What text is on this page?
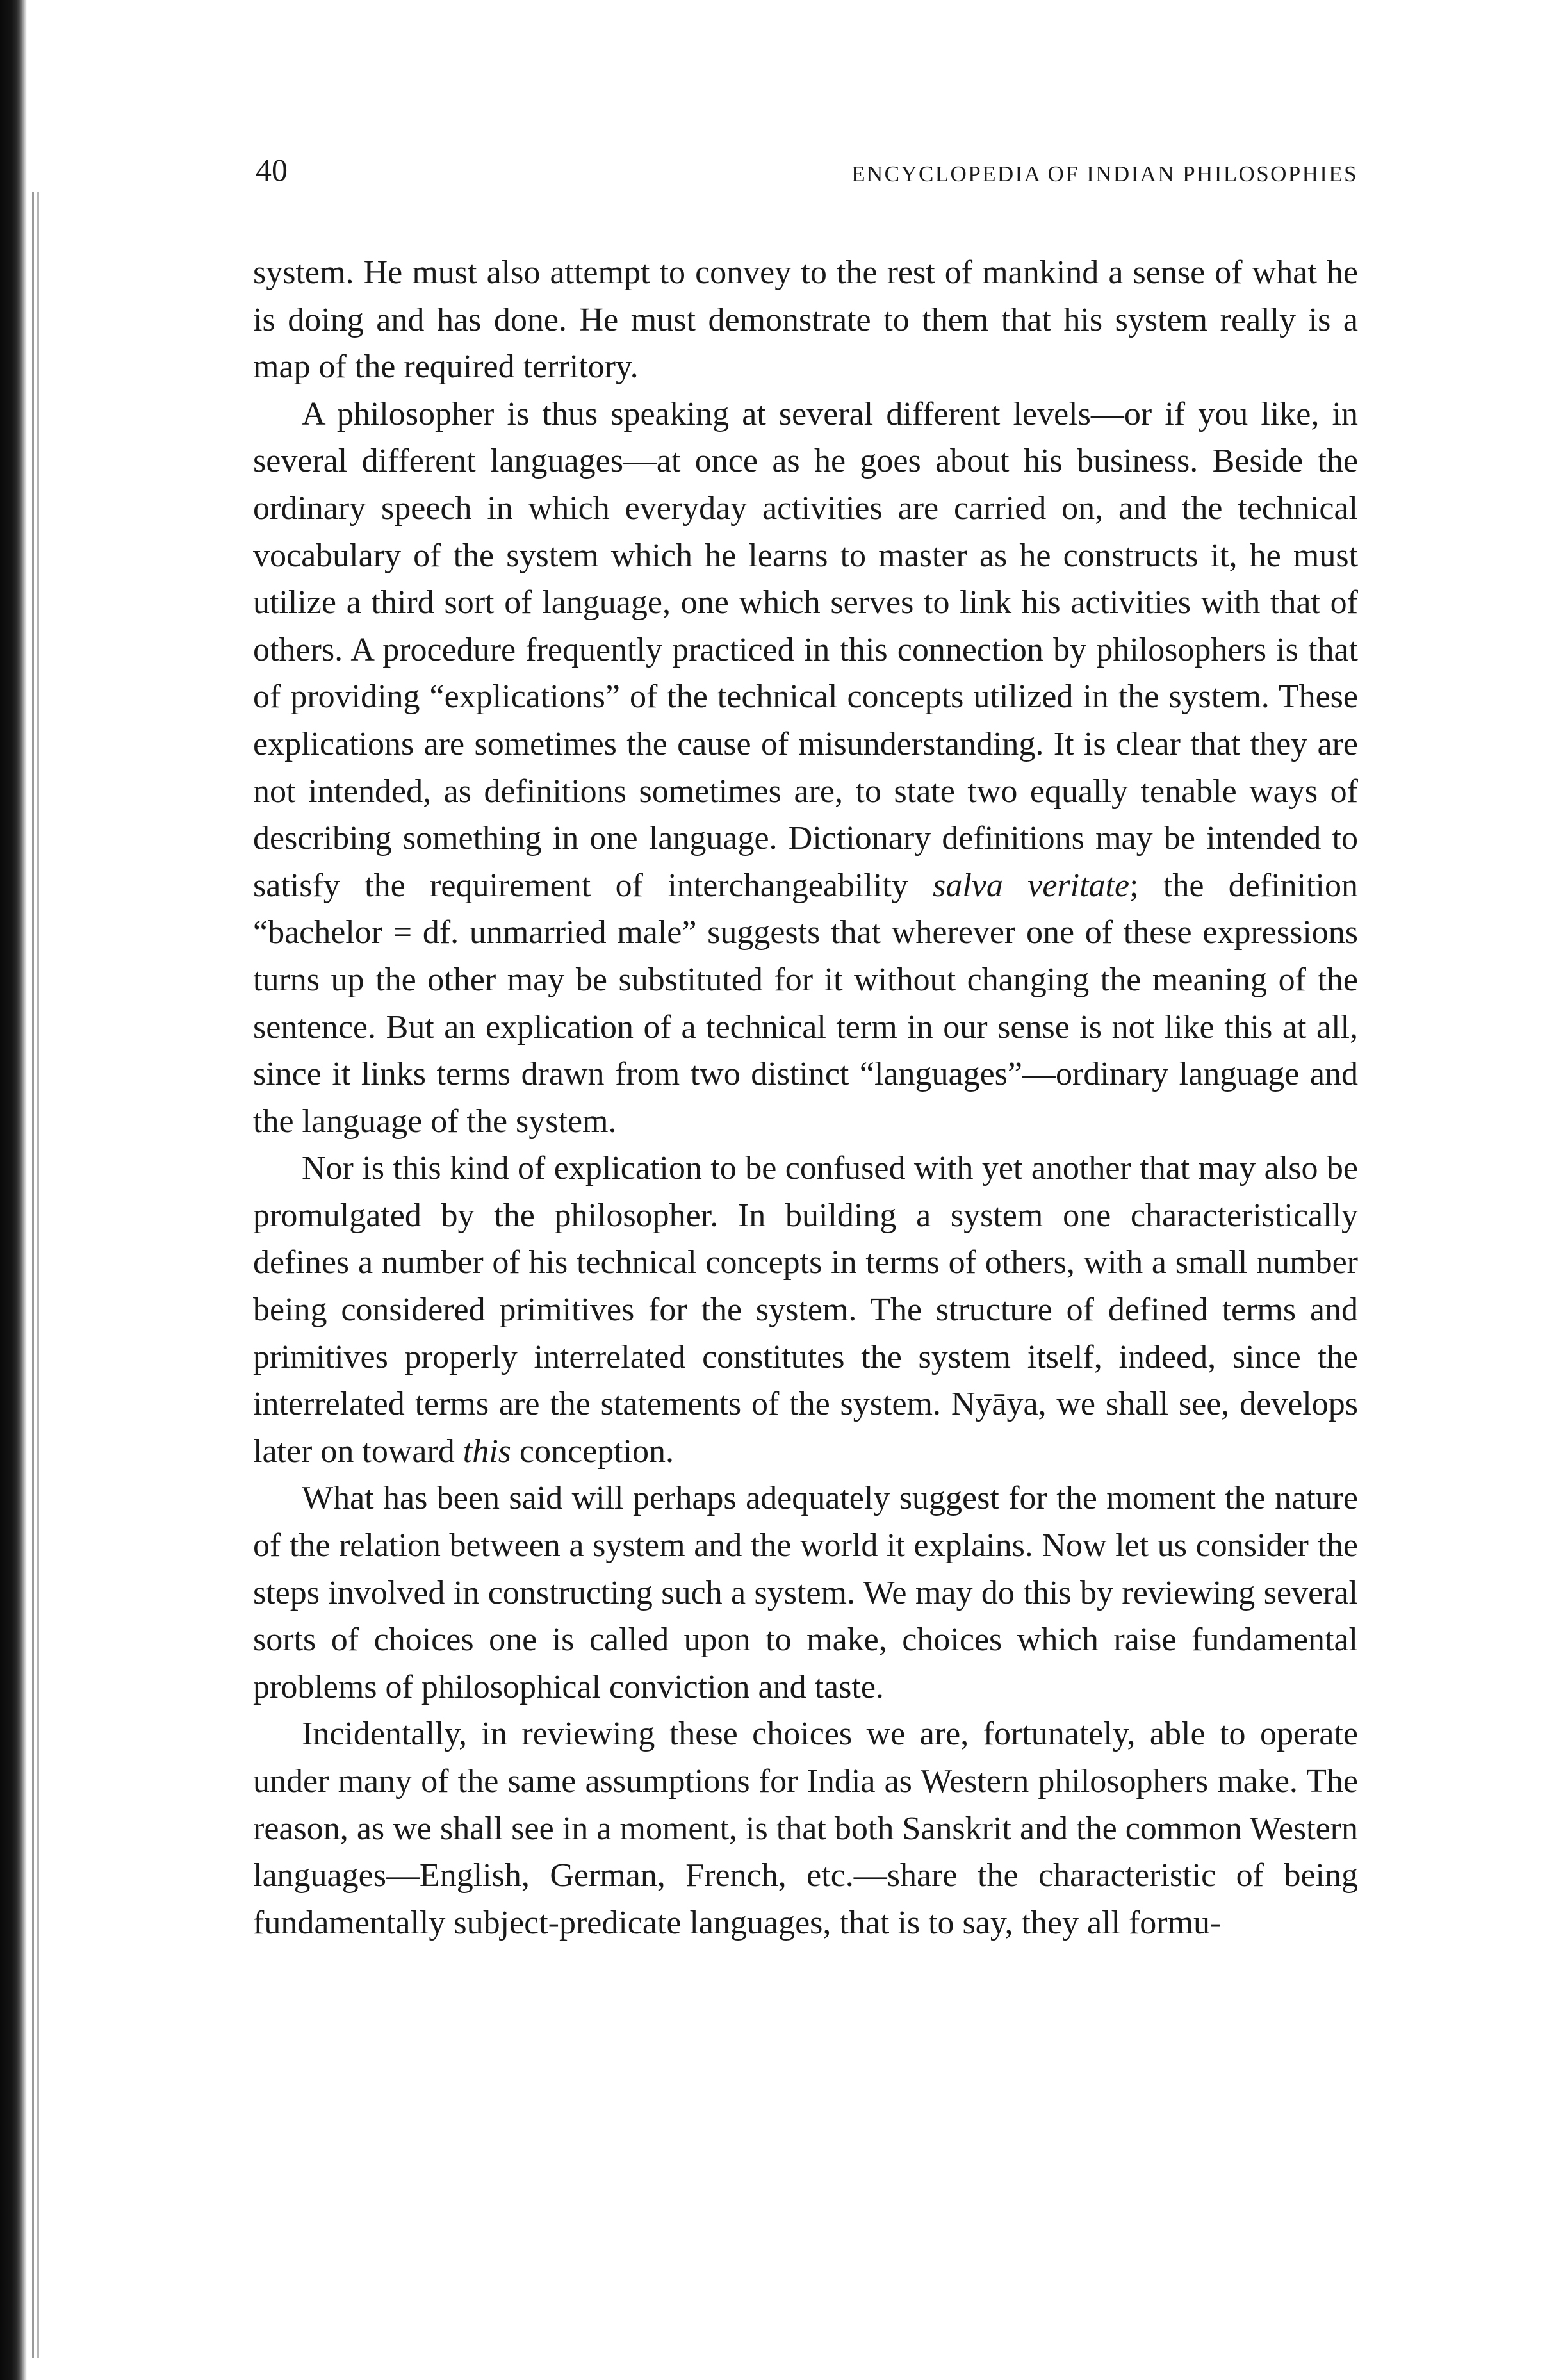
40	ENCYCLOPEDIA OF INDIAN PHILOSOPHIES

system. He must also attempt to convey to the rest of mankind a sense of what he is doing and has done. He must demonstrate to them that his system really is a map of the required territory.

A philosopher is thus speaking at several different levels—or if you like, in several different languages—at once as he goes about his business. Beside the ordinary speech in which everyday activities are carried on, and the technical vocabulary of the system which he learns to master as he constructs it, he must utilize a third sort of language, one which serves to link his activities with that of others. A procedure frequently practiced in this connection by philosophers is that of providing “explications” of the technical concepts utilized in the system. These explications are sometimes the cause of misunderstanding. It is clear that they are not intended, as definitions sometimes are, to state two equally tenable ways of describing something in one language. Dictionary definitions may be intended to satisfy the requirement of interchangeability salva veritate; the definition “bachelor = df. unmarried male” suggests that wherever one of these expressions turns up the other may be substituted for it without changing the meaning of the sentence. But an explication of a technical term in our sense is not like this at all, since it links terms drawn from two distinct “languages”—ordinary language and the language of the system.

Nor is this kind of explication to be confused with yet another that may also be promulgated by the philosopher. In building a system one characteristically defines a number of his technical concepts in terms of others, with a small number being considered primitives for the system. The structure of defined terms and primitives properly interrelated constitutes the system itself, indeed, since the interrelated terms are the statements of the system. Nyāya, we shall see, develops later on toward this conception.

What has been said will perhaps adequately suggest for the moment the nature of the relation between a system and the world it explains. Now let us consider the steps involved in constructing such a system. We may do this by reviewing several sorts of choices one is called upon to make, choices which raise fundamental problems of philosophical conviction and taste.

Incidentally, in reviewing these choices we are, fortunately, able to operate under many of the same assumptions for India as Western philosophers make. The reason, as we shall see in a moment, is that both Sanskrit and the common Western languages—English, German, French, etc.—share the characteristic of being fundamentally subject-predicate languages, that is to say, they all formu-
